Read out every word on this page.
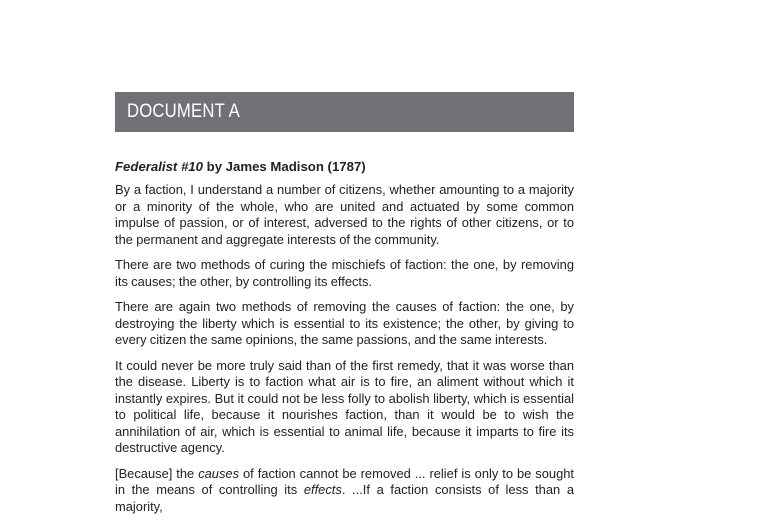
DOCUMENT A
Federalist #10 by James Madison (1787)

By a faction, I understand a number of citizens, whether amounting to a majority or a minority of the whole, who are united and actuated by some common impulse of passion, or of interest, adversed to the rights of other citizens, or to the permanent and aggregate interests of the community.

There are two methods of curing the mischiefs of faction: the one, by removing its causes; the other, by controlling its effects.

There are again two methods of removing the causes of faction: the one, by destroying the liberty which is essential to its existence; the other, by giving to every citizen the same opinions, the same passions, and the same interests.

It could never be more truly said than of the first remedy, that it was worse than the disease. Liberty is to faction what air is to fire, an aliment without which it instantly expires. But it could not be less folly to abolish liberty, which is essential to political life, because it nourishes faction, than it would be to wish the annihilation of air, which is essential to animal life, because it imparts to fire its destructive agency.

[Because] the causes of faction cannot be removed ... relief is only to be sought in the means of controlling its effects. ...If a faction consists of less than a majority,
